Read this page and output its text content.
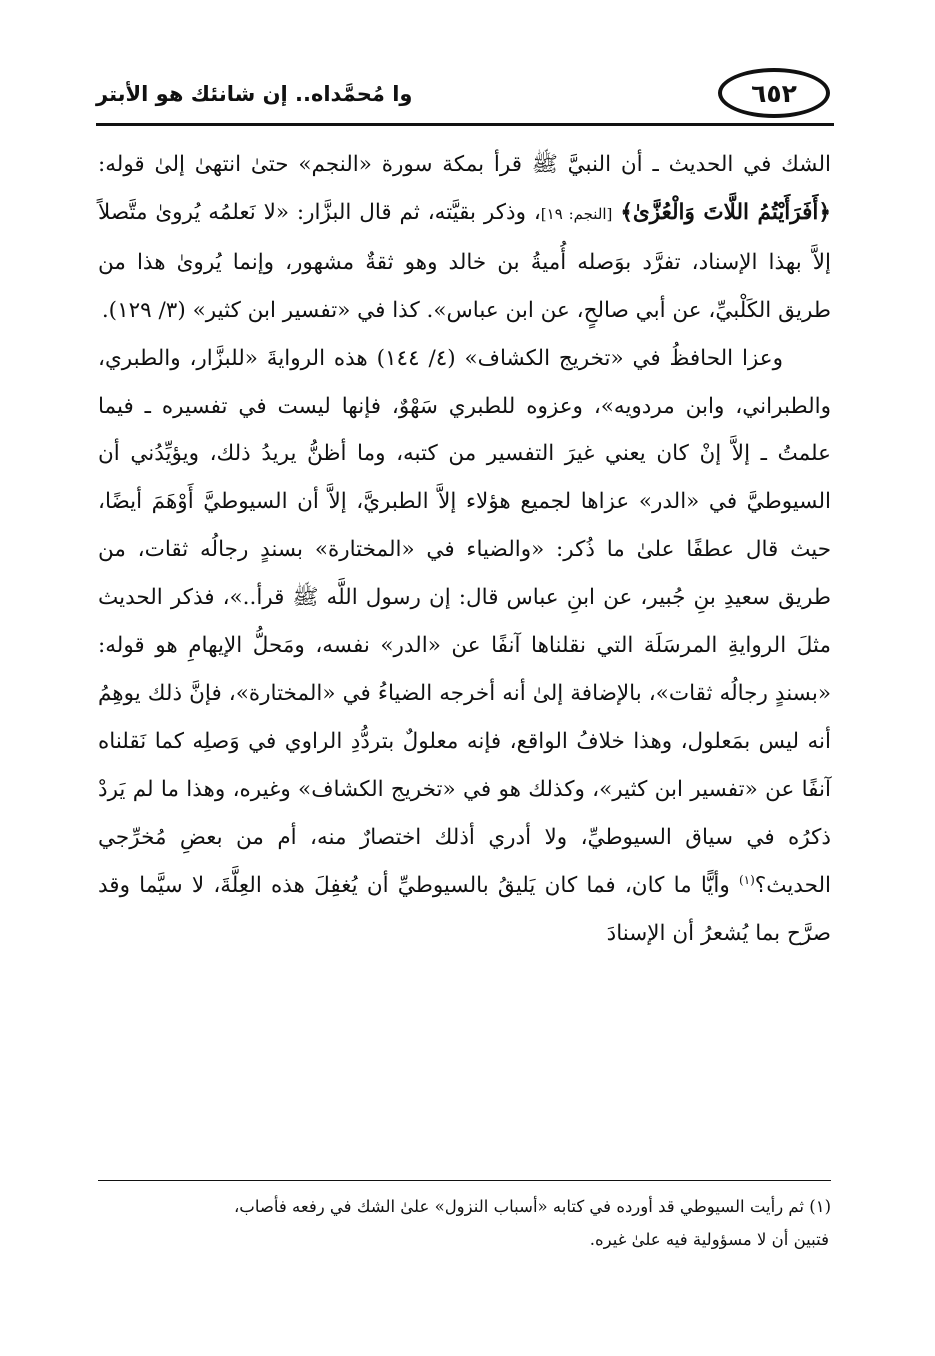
٦٥٢
وا مُحمَّداه.. إن شانئك هو الأبتر

الشك في الحديث ـ أن النبيَّ ﷺ قرأ بمكة سورة «النجم» حتىٰ انتهىٰ إلىٰ قوله: ﴿أَفَرَأَيْتُمُ اللَّاتَ وَالْعُزَّىٰ﴾ [النجم: ١٩]، وذكر بقيَّته، ثم قال البزَّار: «لا نَعلمُه يُروىٰ متَّصلاً إلاَّ بهذا الإسناد، تفرَّد بوَصله أُميةُ بن خالد وهو ثقةٌ مشهور، وإنما يُروىٰ هذا من طريق الكَلْبيِّ، عن أبي صالحٍ، عن ابن عباس». كذا في «تفسير ابن كثير» (٣/ ١٢٩).

وعزا الحافظُ في «تخريج الكشاف» (٤/ ١٤٤) هذه الروايةَ «للبزَّار، والطبري، والطبراني، وابن مردويه»، وعزوه للطبري سَهْوٌ، فإنها ليست في تفسيره ـ فيما علمتُ ـ إلاَّ إنْ كان يعني غيرَ التفسير من كتبه، وما أظنُّ يريدُ ذلك، ويؤيِّدُني أن السيوطيَّ في «الدر» عزاها لجميع هؤلاء إلاَّ الطبريَّ، إلاَّ أن السيوطيَّ أَوْهَمَ أيضًا، حيث قال عطفًا علىٰ ما ذُكر: «والضياء في «المختارة» بسندٍ رجالُه ثقات، من طريق سعيدِ بنِ جُبير، عن ابنِ عباس قال: إن رسول اللَّه ﷺ قرأ..»، فذكر الحديث مثلَ الروايةِ المرسَلَة التي نقلناها آنفًا عن «الدر» نفسه، ومَحلُّ الإيهامِ هو قوله: «بسندٍ رجالُه ثقات»، بالإضافة إلىٰ أنه أخرجه الضياءُ في «المختارة»، فإنَّ ذلك يوهِمُ أنه ليس بمَعلول، وهذا خلافُ الواقع، فإنه معلولٌ بتردُّدِ الراوي في وَصلِه كما نَقلناه آنفًا عن «تفسير ابن كثير»، وكذلك هو في «تخريج الكشاف» وغيره، وهذا ما لم يَردْ ذكرُه في سياق السيوطيِّ، ولا أدري أذلك اختصارٌ منه، أم من بعضِ مُخرِّجي الحديث؟$^{(١)}$ وأيًّا ما كان، فما كان يَليقُ بالسيوطيِّ أن يُغفِلَ هذه العِلَّةَ، لا سيَّما وقد صرَّح بما يُشعرُ أن الإسنادَ

(١) ثم رأيت السيوطي قد أورده في كتابه «أسباب النزول» علىٰ الشك في رفعه فأصاب،

فتبين أن لا مسؤولية فيه علىٰ غيره.
